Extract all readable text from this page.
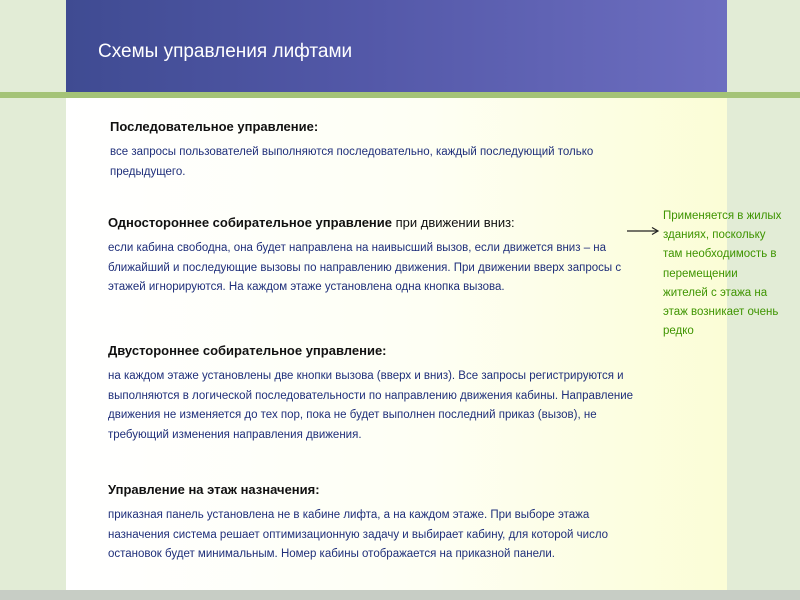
Схемы управления лифтами

Последовательное управление:

все запросы пользователей выполняются последовательно, каждый последующий только предыдущего.

Одностороннее собирательное управление при движении вниз:

если кабина свободна, она будет направлена на наивысший вызов, если движется вниз – на ближайший и последующие вызовы по направлению движения. При движении вверх запросы с этажей игнорируются. На каждом этаже установлена одна кнопка вызова.

Двустороннее собирательное управление:

на каждом этаже установлены две кнопки вызова (вверх и вниз). Все запросы регистрируются и выполняются в логической последовательности по направлению движения кабины. Направление движения не изменяется до тех пор, пока не будет выполнен последний приказ (вызов), не требующий изменения направления движения.

Управление на этаж назначения:

приказная панель установлена не в кабине лифта, а на каждом этаже. При выборе этажа назначения система решает оптимизационную задачу и выбирает кабину, для которой число остановок будет минимальным. Номер кабины отображается на приказной панели.

Применяется в жилых зданиях, поскольку там необходимость в перемещении жителей с этажа на этаж возникает очень редко
